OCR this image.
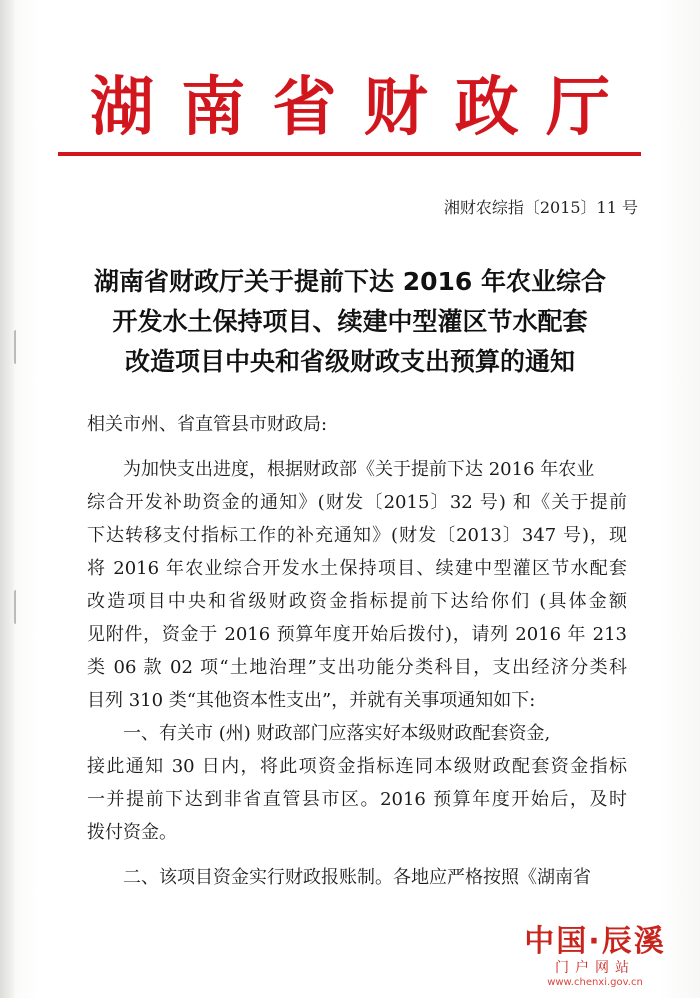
湖 南 省 财 政 厅
湘财农综指〔2015〕11 号
湖南省财政厅关于提前下达 2016 年农业综合
开发水土保持项目、续建中型灌区节水配套
改造项目中央和省级财政支出预算的通知
相关市州、省直管县市财政局:
为加快支出进度，根据财政部《关于提前下达 2016 年农业
综合开发补助资金的通知》(财发〔2015〕32 号) 和《关于提前
下达转移支付指标工作的补充通知》(财发〔2013〕347 号)，现
将 2016 年农业综合开发水土保持项目、续建中型灌区节水配套
改造项目中央和省级财政资金指标提前下达给你们 (具体金额
见附件，资金于 2016 预算年度开始后拨付)，请列 2016 年 213
类 06 款 02 项“土地治理”支出功能分类科目，支出经济分类科
目列 310 类“其他资本性支出”，并就有关事项通知如下:
一、有关市 (州) 财政部门应落实好本级财政配套资金,
接此通知 30 日内，将此项资金指标连同本级财政配套资金指标
一并提前下达到非省直管县市区。2016 预算年度开始后，及时
拨付资金。
二、该项目资金实行财政报账制。各地应严格按照《湖南省
中国·辰溪
门户网站
www.chenxi.gov.cn
